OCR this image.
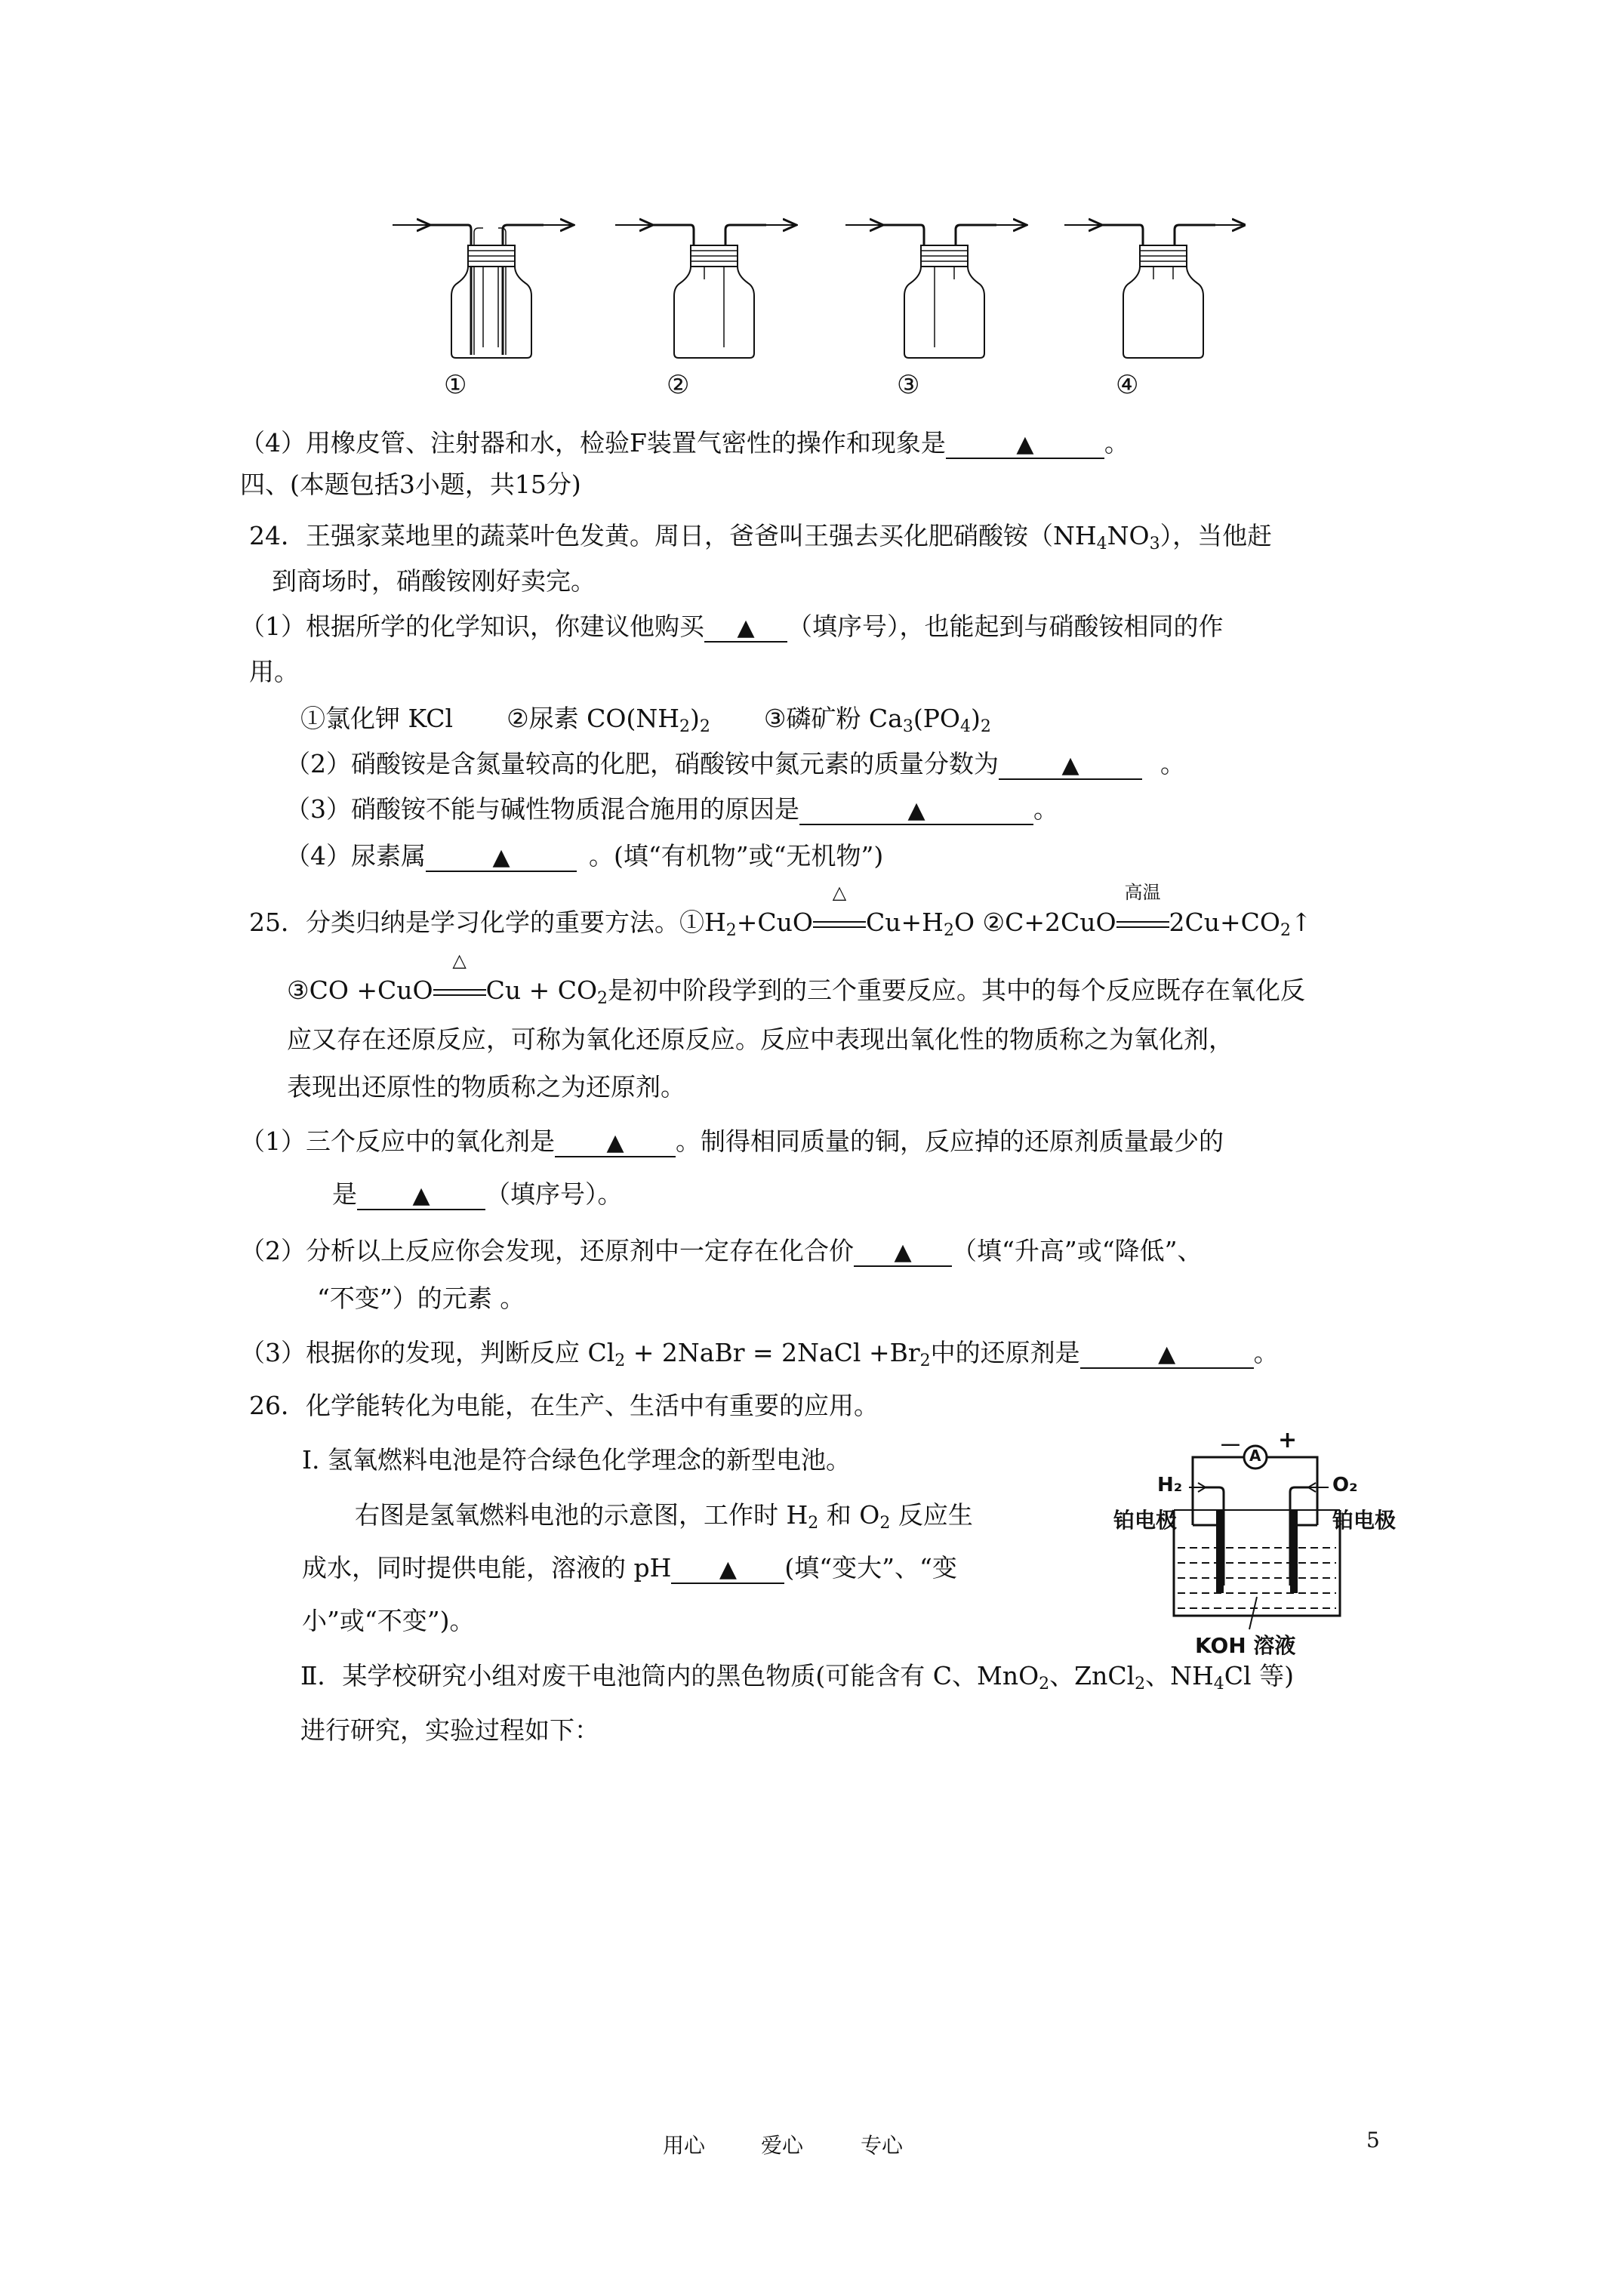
①	②	③	④
（4）用橡皮管、注射器和水，检验F装置气密性的操作和现象是	▲	。
四、(本题包括3小题，共15分)
24．王强家菜地里的蔬菜叶色发黄。周日，爸爸叫王强去买化肥硝酸铵$(NH_4NO_3)$，当他赶
到商场时，硝酸铵刚好卖完。
（1）根据所学的化学知识，你建议他购买 ▲ （填序号），也能起到与硝酸铵相同的作
用。
①氯化钾 KCl ②尿素 $CO(NH_2)_2$ ③磷矿粉 $Ca_3(PO_4)_2$
（2）硝酸铵是含氮量较高的化肥，硝酸铵中氮元素的质量分数为	▲	。
（3）硝酸铵不能与碱性物质混合施用的原因是	▲	。
（4）尿素属	▲	。(填“有机物”或“无机物”)
25．分类归纳是学习化学的重要方法。$①H_2+CuO$
△
$Cu+H_2O$ ②C+2CuO
高温
$2Cu+CO_2↑$
③CO +CuO
△
$Cu + CO_2$是初中阶段学到的三个重要反应。其中的每个反应既存在氧化反
应又存在还原反应，可称为氧化还原反应。反应中表现出氧化性的物质称之为氧化剂，
表现出还原性的物质称之为还原剂。
（1）三个反应中的氧化剂是 ▲ 。制得相同质量的铜，反应掉的还原剂质量最少的
是 ▲ （填序号）。
（2）分析以上反应你会发现，还原剂中一定存在化合价 ▲ （填“升高”或“降低”、
“不变”）的元素 。
（3）根据你的发现，判断反应 $Cl_2$ + 2NaBr = 2NaCl $+Br_2$中的还原剂是	▲	。
26．化学能转化为电能，在生产、生活中有重要的应用。
Ⅰ. 氢氧燃料电池是符合绿色化学理念的新型电池。
右图是氢氧燃料电池的示意图，工作时 $H_2$ 和 $O_2$ 反应生
成水，同时提供电能，溶液的 pH ▲ (填“变大”、“变
小”或“不变”)。
A
－ +
H₂	O₂
铂电极	铂电极
KOH 溶液
Ⅱ．某学校研究小组对废干电池筒内的黑色物质(可能含有 C、MnO$_2$、ZnCl$_2$、$NH_4Cl$ 等)
进行研究，实验过程如下：
用心	爱心	专心	5
